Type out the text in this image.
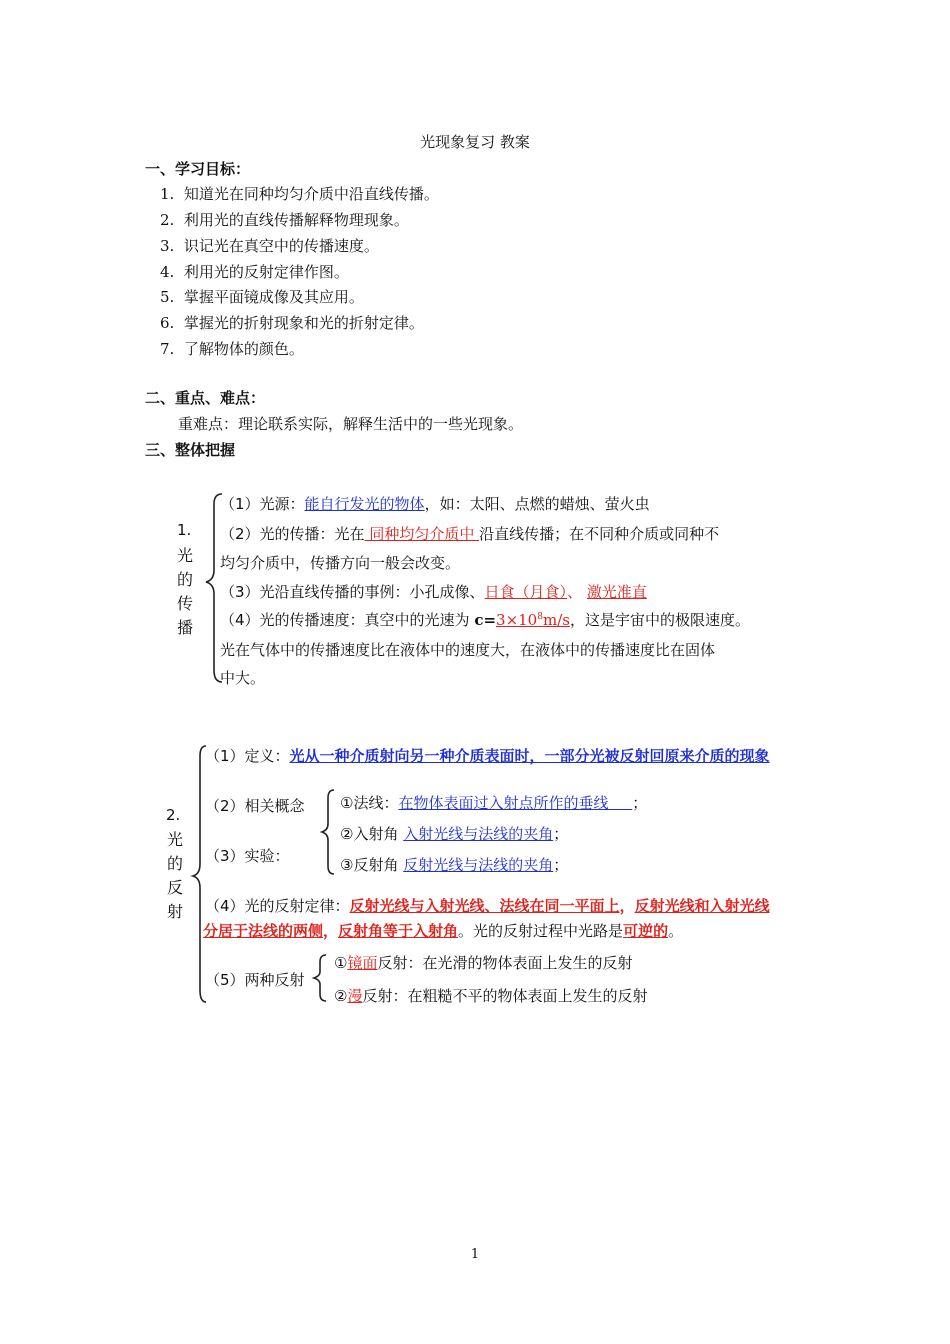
光现象复习 教案
一、学习目标：
1. 知道光在同种均匀介质中沿直线传播。
2. 利用光的直线传播解释物理现象。
3. 识记光在真空中的传播速度。
4. 利用光的反射定律作图。
5. 掌握平面镜成像及其应用。
6. 掌握光的折射现象和光的折射定律。
7. 了解物体的颜色。
二、重点、难点：
重难点：理论联系实际，解释生活中的一些光现象。
三、整体把握
1.
光的传播
（1）光源：能自行发光的物体，如：太阳、点燃的蜡烛、萤火虫
（2）光的传播：光在 同种均匀介质中 沿直线传播；在不同种介质或同种不
均匀介质中，传播方向一般会改变。
（3）光沿直线传播的事例：小孔成像、日食（月食）、 激光准直
（4）光的传播速度：真空中的光速为 $c=3\times 10^8m/s$，这是宇宙中的极限速度。
光在气体中的传播速度比在液体中的速度大，在液体中的传播速度比在固体
中大。
2.
光的反射
（1）定义：光从一种介质射向另一种介质表面时，一部分光被反射回原来介质的现象
（2）相关概念
（3）实验：
①法线：在物体表面过入射点所作的垂线     ；
②入射角 入射光线与法线的夹角；
③反射角 反射光线与法线的夹角；
（4）光的反射定律：反射光线与入射光线、法线在同一平面上，反射光线和入射光线
分居于法线的两侧，反射角等于入射角。光的反射过程中光路是可逆的。
（5）两种反射
①镜面反射：在光滑的物体表面上发生的反射
②漫反射：在粗糙不平的物体表面上发生的反射
1
